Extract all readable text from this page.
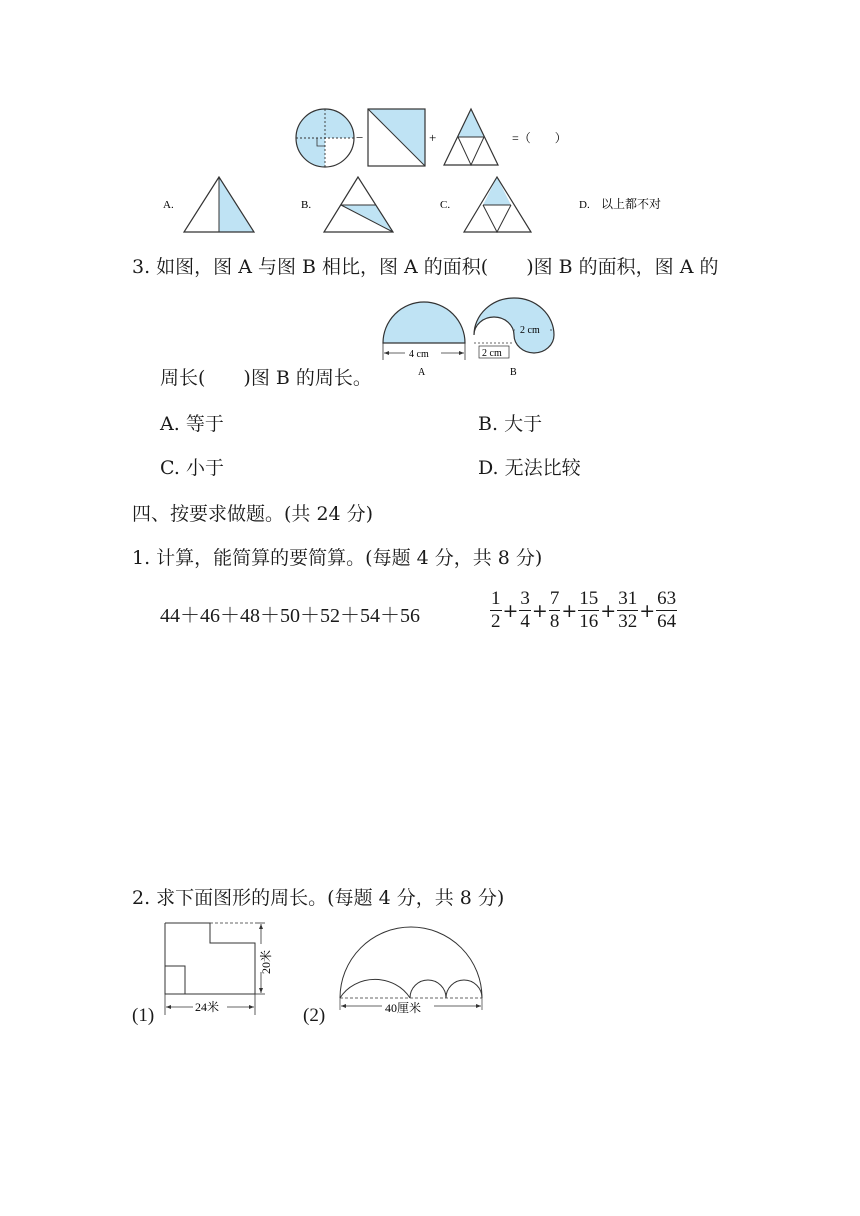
−	+	=（　　）
A.	B.	C.	D. 以上都不对
3. 如图，图 A 与图 B 相比，图 A 的面积(　　)图 B 的面积，图 A 的
4 cm
A
2 cm
2 cm
B
周长(　　)图 B 的周长。
A. 等于	B. 大于
C. 小于	D. 无法比较
四、按要求做题。(共 24 分)
1. 计算，能简算的要简算。(每题 4 分，共 8 分)
44＋46＋48＋50＋52＋54＋56	$\frac{1}{2} + \frac{3}{4} + \frac{7}{8} + \frac{15}{16} + \frac{31}{32} + \frac{63}{64}$
2. 求下面图形的周长。(每题 4 分，共 8 分)
(1)
20米
24米	(2)	40厘米
